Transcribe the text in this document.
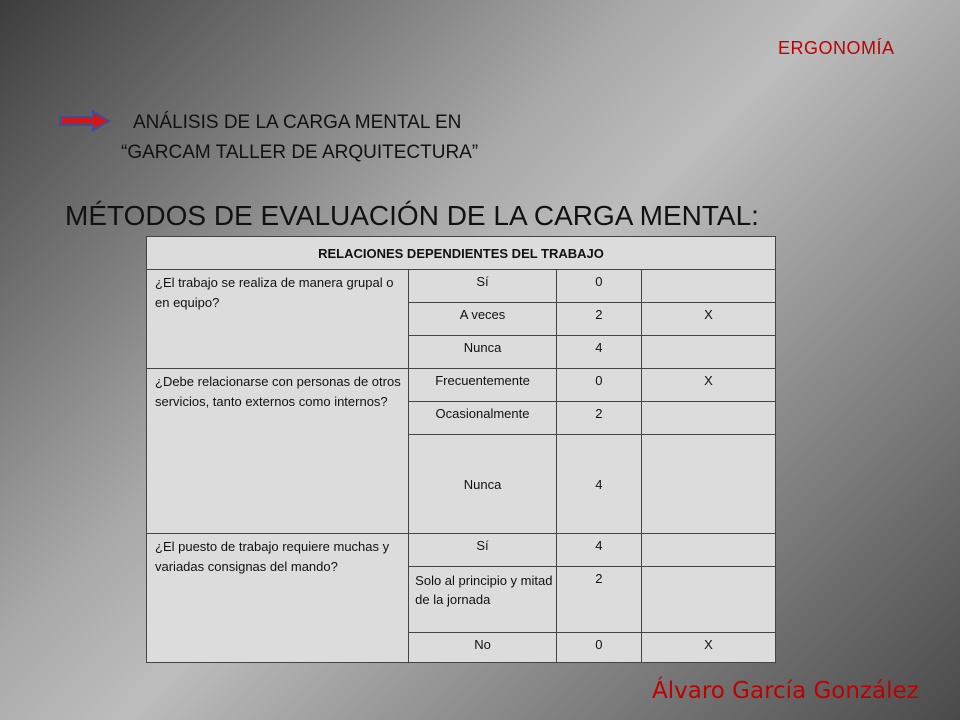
ERGONOMÍA
ANÁLISIS DE LA CARGA MENTAL EN
“GARCAM TALLER DE ARQUITECTURA”
MÉTODOS DE EVALUACIÓN DE LA CARGA MENTAL:
RELACIONES DEPENDIENTES DEL TRABAJO			
¿El trabajo se realiza de manera grupal o en equipo?	Sí	0	
	A veces	2	X
	Nunca	4	
¿Debe relacionarse con personas de otros servicios, tanto externos como internos?	Frecuentemente	0	X
	Ocasionalmente	2	
	Nunca	4	
¿El puesto de trabajo requiere muchas y variadas consignas del mando?	Sí	4	
	Solo al principio y mitad de la jornada	2	
	No	0	X
Álvaro García González
